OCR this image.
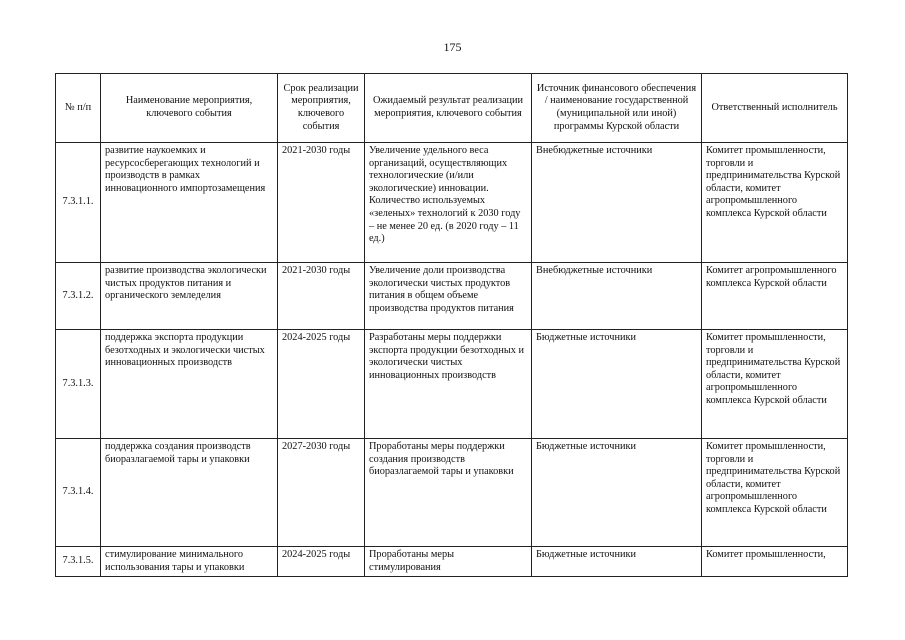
175
№ п/п	Наименование мероприятия, ключевого события	Срок реализации мероприятия, ключевого события	Ожидаемый результат реализации мероприятия, ключевого события	Источник финансового обеспечения / наименование государственной (муниципальной или иной) программы Курской области	Ответственный исполнитель
7.3.1.1.	развитие наукоемких и ресурсосберегающих технологий и производств в рамках инновационного импортозамещения	2021-2030 годы	Увеличение удельного веса организаций, осуществляющих технологические (и/или экологические) инновации. Количество используемых «зеленых» технологий к 2030 году – не менее 20 ед. (в 2020 году – 11 ед.)	Внебюджетные источники	Комитет промышленности, торговли и предпринимательства Курской области, комитет агропромышленного комплекса Курской области
7.3.1.2.	развитие производства экологически чистых продуктов питания и органического земледелия	2021-2030 годы	Увеличение доли производства экологически чистых продуктов питания в общем объеме производства продуктов питания	Внебюджетные источники	Комитет агропромышленного комплекса Курской области
7.3.1.3.	поддержка экспорта продукции безотходных и экологически чистых инновационных производств	2024-2025 годы	Разработаны меры поддержки экспорта продукции безотходных и экологически чистых инновационных производств	Бюджетные источники	Комитет промышленности, торговли и предпринимательства Курской области, комитет агропромышленного комплекса Курской области
7.3.1.4.	поддержка создания производств биоразлагаемой тары и упаковки	2027-2030 годы	Проработаны меры поддержки создания производств биоразлагаемой тары и упаковки	Бюджетные источники	Комитет промышленности, торговли и предпринимательства Курской области, комитет агропромышленного комплекса Курской области
7.3.1.5.	стимулирование минимального использования тары и упаковки	2024-2025 годы	Проработаны меры стимулирования	Бюджетные источники	Комитет промышленности,
